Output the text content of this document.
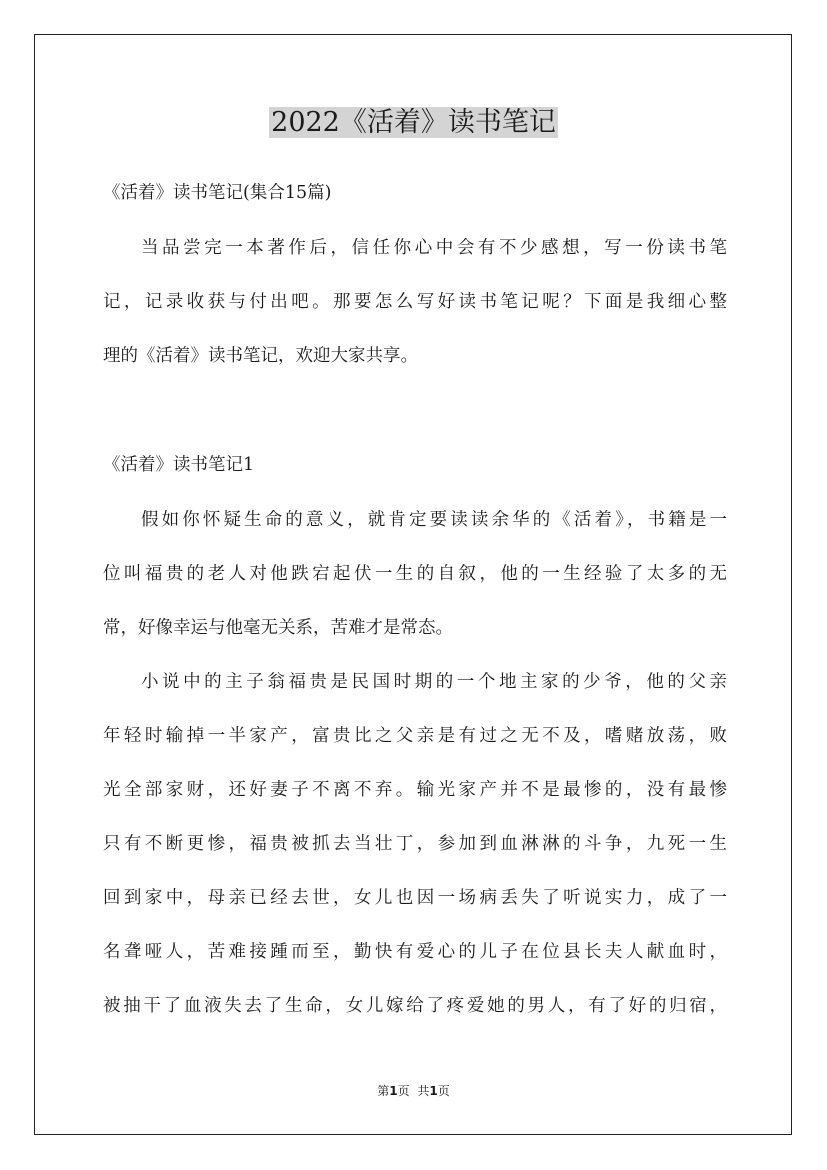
2022《活着》读书笔记
《活着》读书笔记(集合15篇)
当品尝完一本著作后，信任你心中会有不少感想，写一份读书笔
记，记录收获与付出吧。那要怎么写好读书笔记呢？下面是我细心整
理的《活着》读书笔记，欢迎大家共享。
《活着》读书笔记1
假如你怀疑生命的意义，就肯定要读读余华的《活着》，书籍是一
位叫福贵的老人对他跌宕起伏一生的自叙，他的一生经验了太多的无
常，好像幸运与他毫无关系，苦难才是常态。
小说中的主子翁福贵是民国时期的一个地主家的少爷，他的父亲
年轻时输掉一半家产，富贵比之父亲是有过之无不及，嗜赌放荡，败
光全部家财，还好妻子不离不弃。输光家产并不是最惨的，没有最惨
只有不断更惨，福贵被抓去当壮丁，参加到血淋淋的斗争，九死一生
回到家中，母亲已经去世，女儿也因一场病丢失了听说实力，成了一
名聋哑人，苦难接踵而至，勤快有爱心的儿子在位县长夫人献血时，
被抽干了血液失去了生命，女儿嫁给了疼爱她的男人，有了好的归宿，
第1页 共1页
